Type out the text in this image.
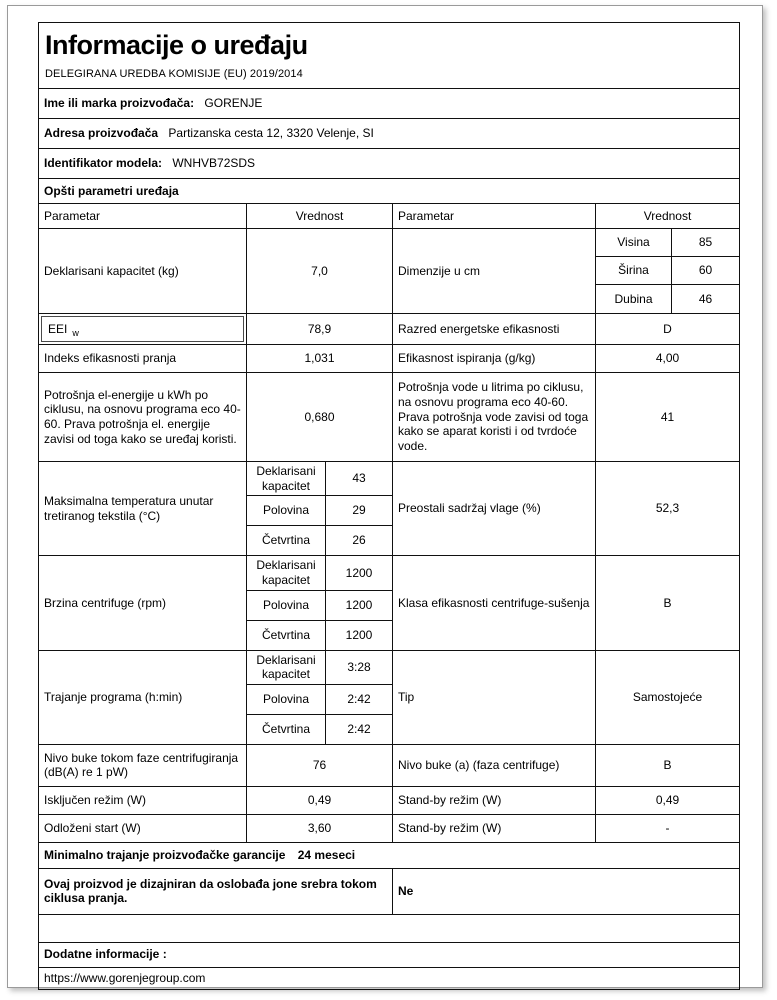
Informacije o uređaju
DELEGIRANA UREDBA KOMISIJE (EU) 2019/2014					

Ime ili marka proizvođača: GORENJE					
Adresa proizvođača Partizanska cesta 12, 3320 Velenje, SI					
Identifikator modela: WNHVB72SDS					
Opšti parametri uređaja					
Parametar	Vrednost		Parametar	Vrednost	
Deklarisani kapacitet (kg)	7,0		Dimenzije u cm	Visina	85
				Širina	60
				Dubina	46

EEI w	78,9		Razred energetske efikasnosti	D	
Indeks efikasnosti pranja	1,031		Efikasnost ispiranja (g/kg)	4,00	
Potrošnja el-energije u kWh po ciklusu, na osnovu programa eco 40-60. Prava potrošnja el. energije zavisi od toga kako se uređaj koristi.	0,680		Potrošnja vode u litrima po ciklusu, na osnovu programa eco 40-60. Prava potrošnja vode zavisi od toga kako se aparat koristi i od tvrdoće vode.	41	
Maksimalna temperatura unutar tretiranog tekstila (°C)	Deklarisani kapacitet	43	Preostali sadržaj vlage (%)	52,3	
	Polovina	29			
	Četvrtina	26			
Brzina centrifuge (rpm)	Deklarisani kapacitet	1200	Klasa efikasnosti centrifuge-sušenja	B	
	Polovina	1200			
	Četvrtina	1200			
Trajanje programa (h:min)	Deklarisani kapacitet	3:28	Tip	Samostojeće	
	Polovina	2:42			
	Četvrtina	2:42			
Nivo buke tokom faze centrifugiranja (dB(A) re 1 pW)	76		Nivo buke (a) (faza centrifuge)	B	
Isključen režim (W)	0,49		Stand-by režim (W)	0,49	
Odloženi start (W)	3,60		Stand-by režim (W)	-	
Minimalno trajanje proizvođačke garancije 24 meseci					
Ovaj proizvod je dizajniran da oslobađa jone srebra tokom ciklusa pranja.			Ne		

Dodatne informacije :					
https://www.gorenjegroup.com					
